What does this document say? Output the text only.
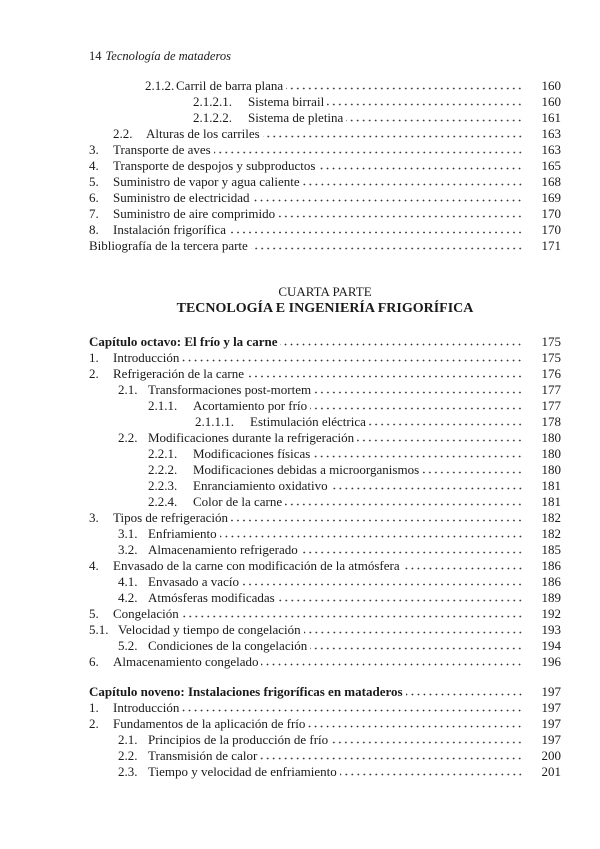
14 Tecnología de mataderos
2.1.2. Carril de barra plana	160
2.1.2.1.	Sistema birrail	160
2.1.2.2.	Sistema de pletina	161
2.2.	Alturas de los carriles	163
3.	Transporte de aves	163
4.	Transporte de despojos y subproductos	165
5.	Suministro de vapor y agua caliente	168
6.	Suministro de electricidad	169
7.	Suministro de aire comprimido	170
8.	Instalación frigorífica	170
Bibliografía de la tercera parte	171
CUARTA PARTE
TECNOLOGÍA E INGENIERÍA FRIGORÍFICA
Capítulo octavo: El frío y la carne	175
1.	Introducción	175
2.	Refrigeración de la carne	176
2.1. Transformaciones post-mortem	177
2.1.1.	Acortamiento por frío	177
2.1.1.1.	Estimulación eléctrica	178
2.2. Modificaciones durante la refrigeración	180
2.2.1.	Modificaciones físicas	180
2.2.2.	Modificaciones debidas a microorganismos	180
2.2.3.	Enranciamiento oxidativo	181
2.2.4.	Color de la carne	181
3.	Tipos de refrigeración	182
3.1. Enfriamiento	182
3.2. Almacenamiento refrigerado	185
4.	Envasado de la carne con modificación de la atmósfera	186
4.1. Envasado a vacío	186
4.2. Atmósferas modificadas	189
5.	Congelación	192
5.1. Velocidad y tiempo de congelación	193
5.2. Condiciones de la congelación	194
6.	Almacenamiento congelado	196
Capítulo noveno: Instalaciones frigoríficas en mataderos	197
1.	Introducción	197
2.	Fundamentos de la aplicación de frío	197
2.1. Principios de la producción de frío	197
2.2. Transmisión de calor	200
2.3. Tiempo y velocidad de enfriamiento	201
